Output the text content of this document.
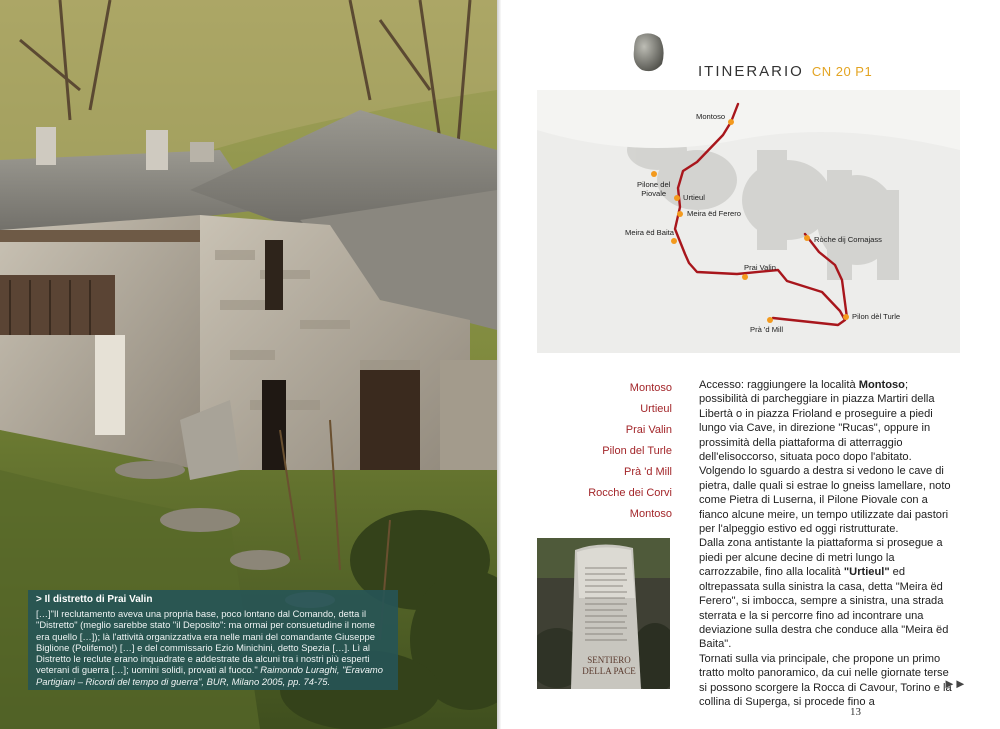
> Il distretto di Prai Valin
[…]"Il reclutamento aveva una propria base, poco lontano dal Comando, detta il "Distretto" (meglio sarebbe stato "il Deposito": ma ormai per consuetudine il nome era quello […]); là l'attività organizzativa era nelle mani del comandante Giuseppe Biglione (Polifemo!) […] e del commissario Ezio Minichini, detto Spezia […]. Lì al Distretto le reclute erano inquadrate e addestrate da alcuni tra i nostri più esperti veterani di guerra […]; uomini solidi, provati al fuoco." Raimondo Luraghi, "Eravamo Partigiani – Ricordi del tempo di guerra", BUR, Milano 2005, pp. 74-75.
ITINERARIO CN 20 P1
Montoso
Pilone del
Piovale	Urtieul
Meira ëd Ferero
Meira ëd Baita
Ròche dij Cornajass
Prai Valin
Pilon dèl Turle
Prà 'd Mill
Montoso
Urtieul
Prai Valin
Pilon del Turle
Prà 'd Mill
Rocche dei Corvi
Montoso

Accesso: raggiungere la località Montoso; possibilità di parcheggiare in piazza Martiri della Libertà o in piazza Frioland e proseguire a piedi lungo via Cave, in direzione "Rucas", oppure in prossimità della piattaforma di atterraggio dell'elisoccorso, situata poco dopo l'abitato.

Volgendo lo sguardo a destra si vedono le cave di pietra, dalle quali si estrae lo gneiss lamellare, noto come Pietra di Luserna, il Pilone Piovale con a fianco alcune meire, un tempo utilizzate dai pastori per l'alpeggio estivo ed oggi ristrutturate.

Dalla zona antistante la piattaforma si prosegue a piedi per alcune decine di metri lungo la carrozzabile, fino alla località "Urtieul" ed oltrepassata sulla sinistra la casa, detta "Meira ëd Ferero", si imbocca, sempre a sinistra, una strada sterrata e la si percorre fino ad incontrare una deviazione sulla destra che conduce alla "Meira ëd Baita".

Tornati sulla via principale, che propone un primo tratto molto panoramico, da cui nelle giornate terse si possono scorgere la Rocca di Cavour, Torino e la collina di Superga, si procede fino a

SENTIERO DELLA PACE
►►
13
